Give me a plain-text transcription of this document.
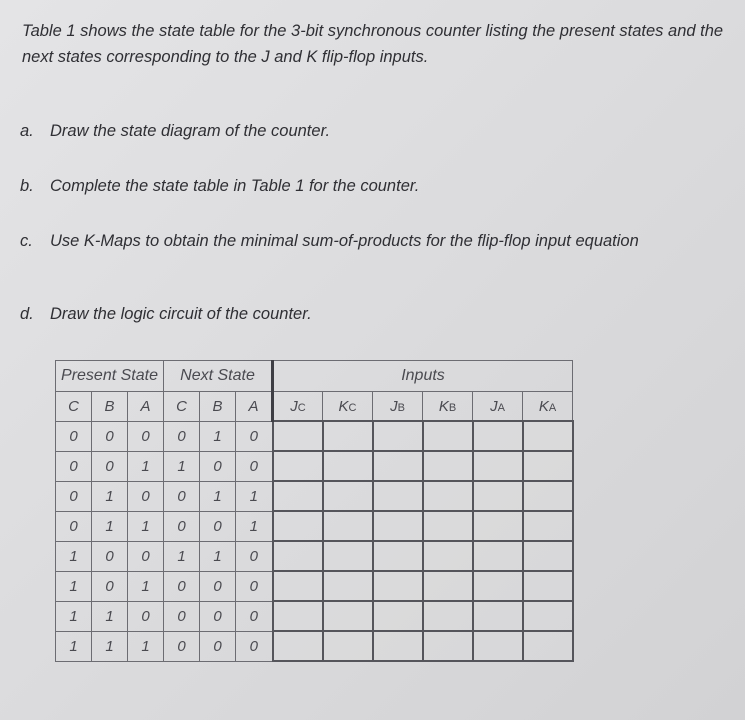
Table 1 shows the state table for the 3-bit synchronous counter listing the present states and the next states corresponding to the J and K flip-flop inputs.
a. Draw the state diagram of the counter.
b. Complete the state table in Table 1 for the counter.
c. Use K-Maps to obtain the minimal sum-of-products for the flip-flop input equation
d. Draw the logic circuit of the counter.
Present State			Next State			Inputs					
C	B	A	C	B	A	JC	KC	JB	KB	JA	KA
0	0	0	0	1	0						
0	0	1	1	0	0						
0	1	0	0	1	1						
0	1	1	0	0	1						
1	0	0	1	1	0						
1	0	1	0	0	0						
1	1	0	0	0	0						
1	1	1	0	0	0						
